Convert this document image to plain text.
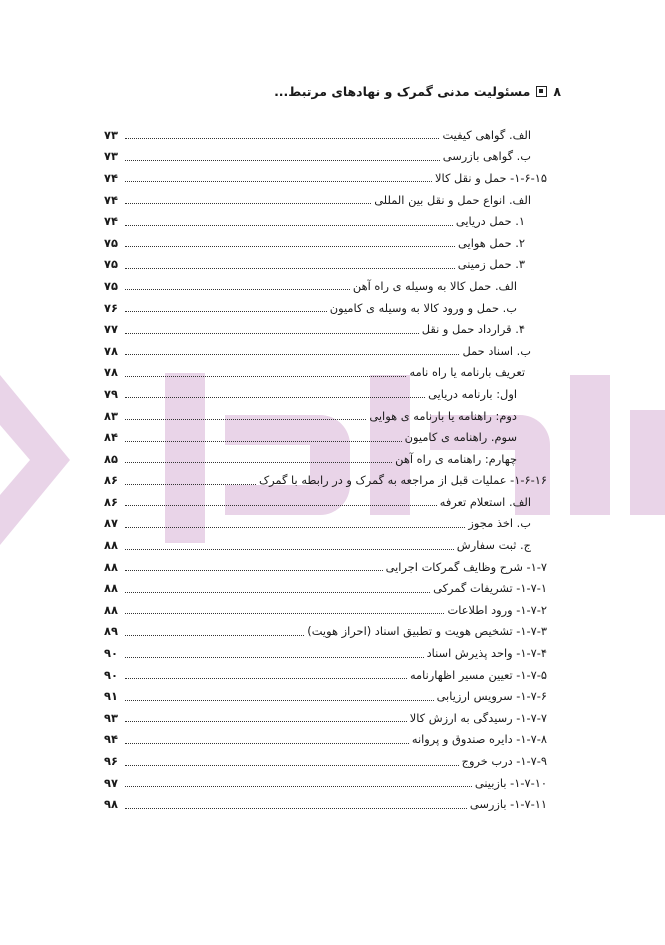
۸
مسئولیت مدنی گمرک و نهادهای مرتبط...
الف. گواهی کیفیت
۷۳
ب. گواهی بازرسی
۷۳
۱-۶-۱۵- حمل و نقل کالا
۷۴
الف. انواع حمل و نقل بین المللی
۷۴
۱. حمل دریایی
۷۴
۲. حمل هوایی
۷۵
۳. حمل زمینی
۷۵
الف. حمل کالا به وسیله ی راه آهن
۷۵
ب. حمل و ورود کالا به وسیله ی کامیون
۷۶
۴. قرارداد حمل و نقل
۷۷
ب. اسناد حمل
۷۸
تعریف بارنامه یا راه نامه
۷۸
اول: بارنامه دریایی
۷۹
دوم: راهنامه یا بارنامه ی هوایی
۸۳
سوم. راهنامه ی کامیون
۸۴
چهارم: راهنامه ی راه آهن
۸۵
۱-۶-۱۶- عملیات قبل از مراجعه به گمرک و در رابطه با گمرک
۸۶
الف. استعلام تعرفه
۸۶
ب. اخذ مجوز
۸۷
ج. ثبت سفارش
۸۸
۱-۷- شرح وظایف گمرکات اجرایی
۸۸
۱-۷-۱- تشریفات گمرکی
۸۸
۱-۷-۲- ورود اطلاعات
۸۸
۱-۷-۳- تشخیص هویت و تطبیق اسناد (احراز هویت)
۸۹
۱-۷-۴- واحد پذیرش اسناد
۹۰
۱-۷-۵- تعیین مسیر اظهارنامه
۹۰
۱-۷-۶- سرویس ارزیابی
۹۱
۱-۷-۷- رسیدگی به ارزش کالا
۹۳
۱-۷-۸- دایره صندوق و پروانه
۹۴
۱-۷-۹- درب خروج
۹۶
۱-۷-۱۰- بازبینی
۹۷
۱-۷-۱۱- بازرسی
۹۸
